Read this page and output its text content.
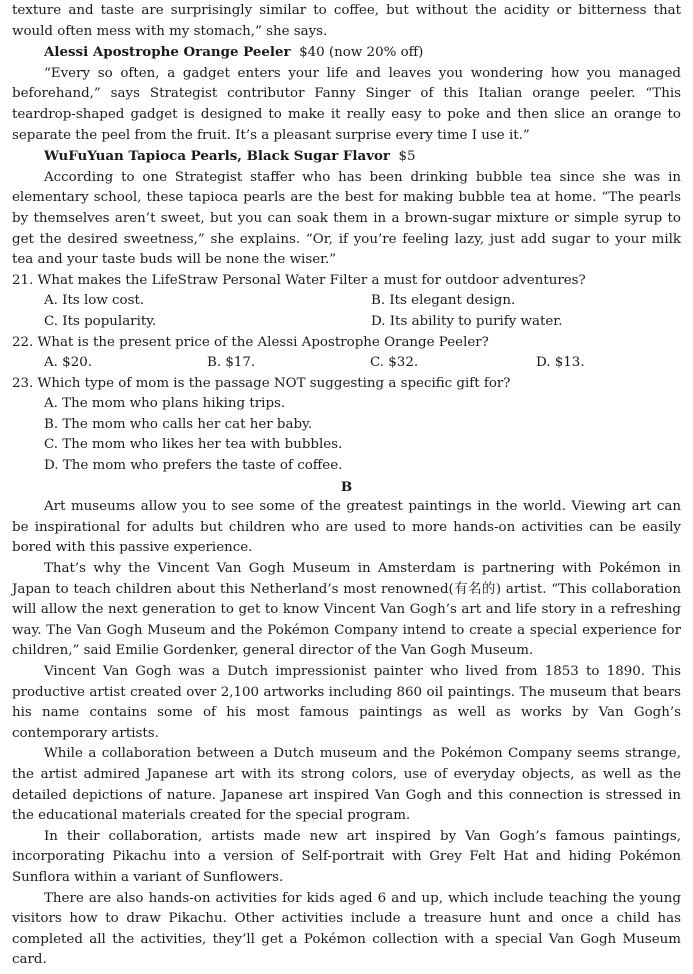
texture and taste are surprisingly similar to coffee, but without the acidity or bitterness that would often mess with my stomach,” she says.

Alessi Apostrophe Orange Peeler $40 (now 20% off)

“Every so often, a gadget enters your life and leaves you wondering how you managed beforehand,” says Strategist contributor Fanny Singer of this Italian orange peeler. “This teardrop-shaped gadget is designed to make it really easy to poke and then slice an orange to separate the peel from the fruit. It’s a pleasant surprise every time I use it.”

WuFuYuan Tapioca Pearls, Black Sugar Flavor $5

According to one Strategist staffer who has been drinking bubble tea since she was in elementary school, these tapioca pearls are the best for making bubble tea at home. “The pearls by themselves aren’t sweet, but you can soak them in a brown-sugar mixture or simple syrup to get the desired sweetness,” she explains. “Or, if you’re feeling lazy, just add sugar to your milk tea and your taste buds will be none the wiser.”

21. What makes the LifeStraw Personal Water Filter a must for outdoor adventures?

A. Its low cost.	B. Its elegant design.
C. Its popularity.	D. Its ability to purify water.

22. What is the present price of the Alessi Apostrophe Orange Peeler?

A. $20.	B. $17.	C. $32.	D. $13.

23. Which type of mom is the passage NOT suggesting a specific gift for?

A. The mom who plans hiking trips.
B. The mom who calls her cat her baby.
C. The mom who likes her tea with bubbles.
D. The mom who prefers the taste of coffee.

B

Art museums allow you to see some of the greatest paintings in the world. Viewing art can be inspirational for adults but children who are used to more hands-on activities can be easily bored with this passive experience.

That’s why the Vincent Van Gogh Museum in Amsterdam is partnering with Pokémon in Japan to teach children about this Netherland’s most renowned(有名的) artist. “This collaboration will allow the next generation to get to know Vincent Van Gogh’s art and life story in a refreshing way. The Van Gogh Museum and the Pokémon Company intend to create a special experience for children,” said Emilie Gordenker, general director of the Van Gogh Museum.

Vincent Van Gogh was a Dutch impressionist painter who lived from 1853 to 1890. This productive artist created over 2,100 artworks including 860 oil paintings. The museum that bears his name contains some of his most famous paintings as well as works by Van Gogh’s contemporary artists.

While a collaboration between a Dutch museum and the Pokémon Company seems strange, the artist admired Japanese art with its strong colors, use of everyday objects, as well as the detailed depictions of nature. Japanese art inspired Van Gogh and this connection is stressed in the educational materials created for the special program.

In their collaboration, artists made new art inspired by Van Gogh’s famous paintings, incorporating Pikachu into a version of Self-portrait with Grey Felt Hat and hiding Pokémon Sunflora within a variant of Sunflowers.

There are also hands-on activities for kids aged 6 and up, which include teaching the young visitors how to draw Pikachu. Other activities include a treasure hunt and once a child has completed all the activities, they’ll get a Pokémon collection with a special Van Gogh Museum card.
